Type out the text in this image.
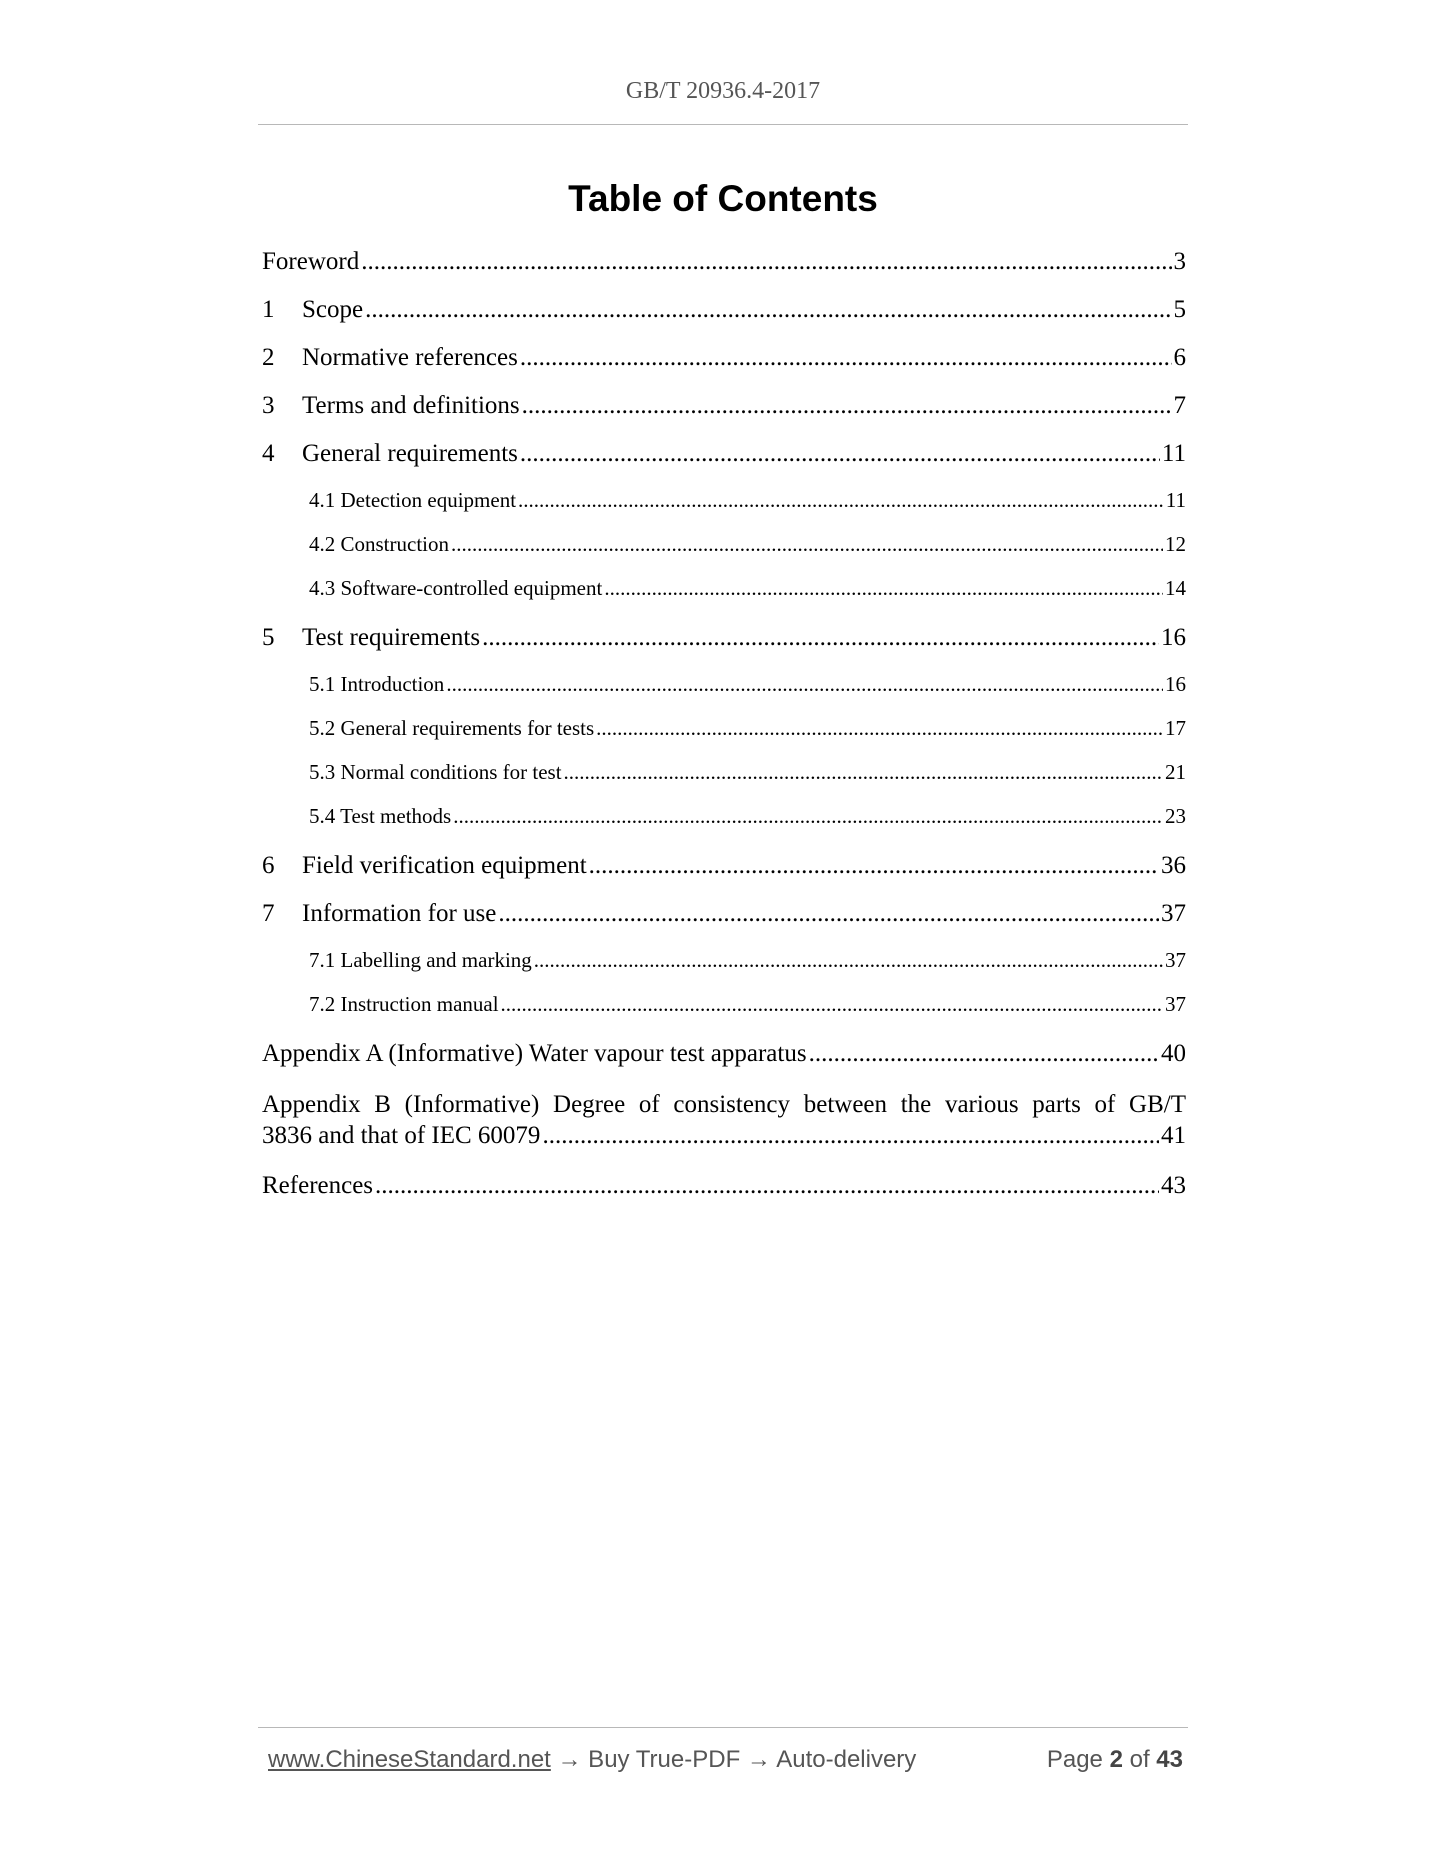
GB/T 20936.4-2017
Table of Contents
Foreword .....	3
1	Scope .....	5
2	Normative references .....	6
3	Terms and definitions .....	7
4	General requirements .....	11
4.1 Detection equipment .....	11
4.2 Construction .....	12
4.3 Software-controlled equipment .....	14
5	Test requirements .....	16
5.1 Introduction .....	16
5.2 General requirements for tests .....	17
5.3 Normal conditions for test .....	21
5.4 Test methods .....	23
6	Field verification equipment .....	36
7	Information for use .....	37
7.1 Labelling and marking .....	37
7.2 Instruction manual .....	37
Appendix A (Informative) Water vapour test apparatus .....	40
Appendix B (Informative) Degree of consistency between the various parts of GB/T
3836 and that of IEC 60079 .....	41
References .....	43
www.ChineseStandard.net → Buy True-PDF → Auto-delivery	Page 2 of 43
